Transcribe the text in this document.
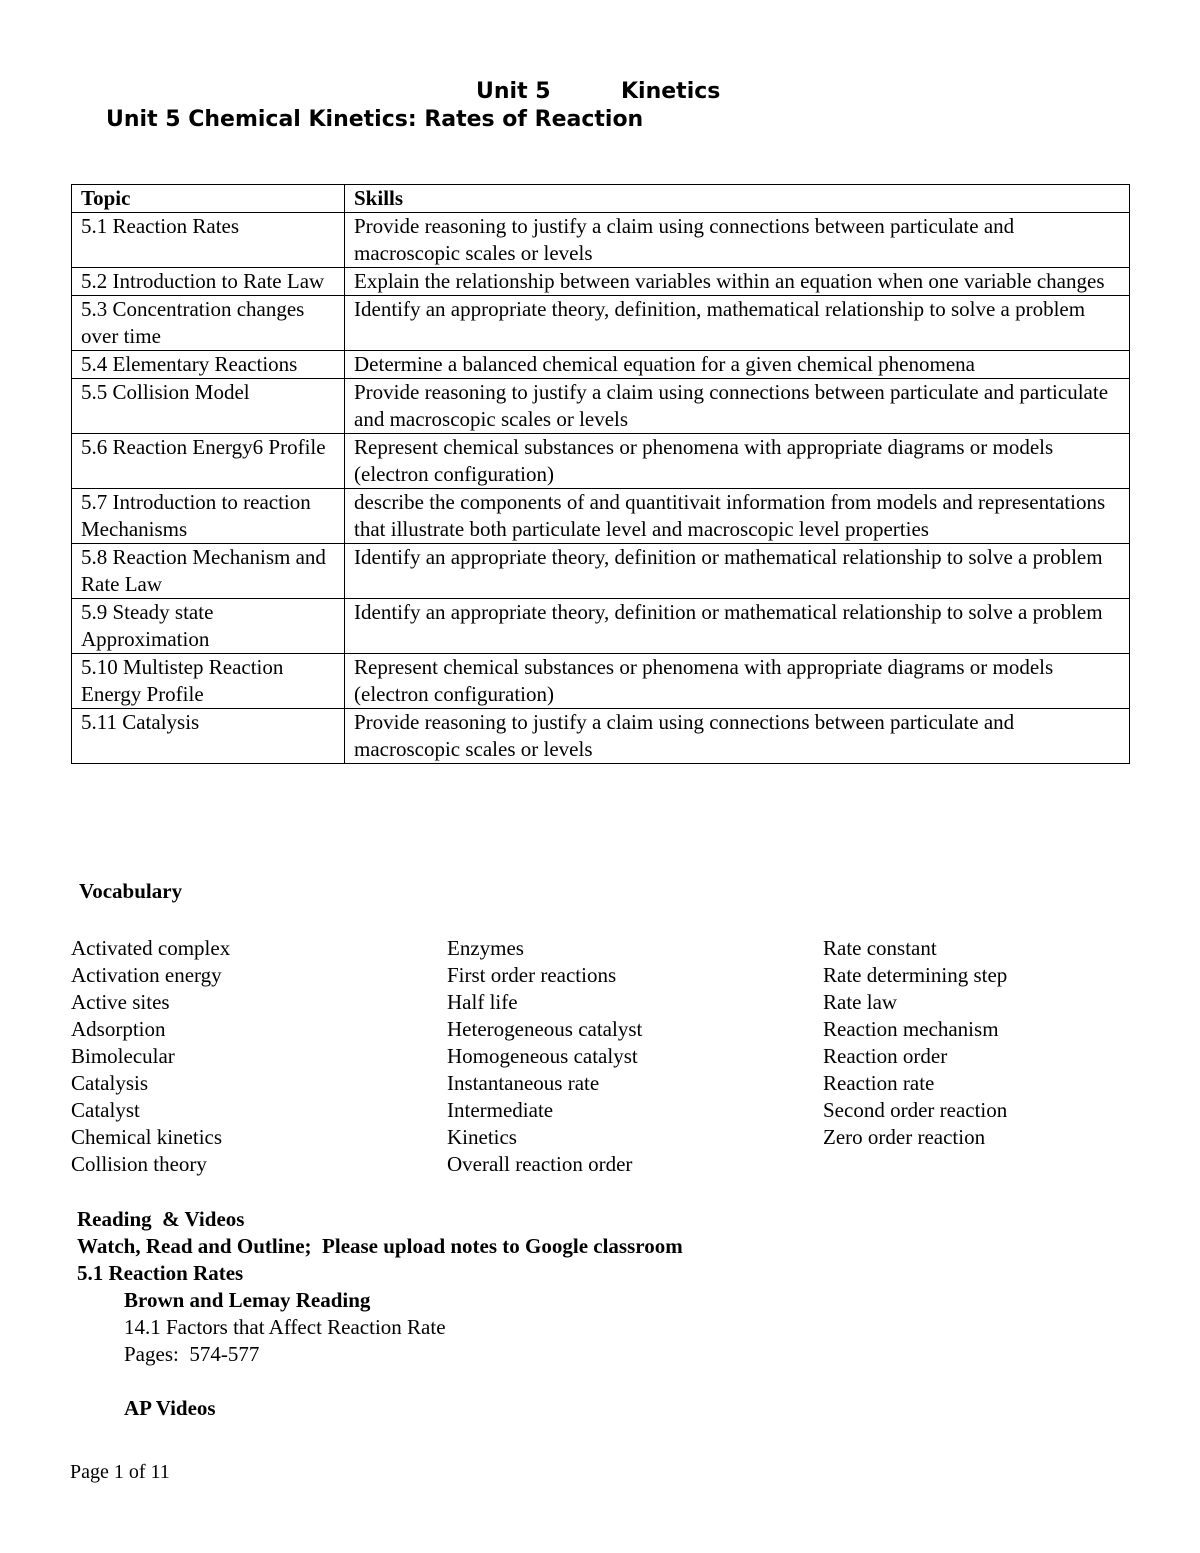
Unit 5	Kinetics
Unit 5 Chemical Kinetics: Rates of Reaction
Topic	Skills
5.1 Reaction Rates	Provide reasoning to justify a claim using connections between particulate and macroscopic scales or levels
5.2 Introduction to Rate Law	Explain the relationship between variables within an equation when one variable changes
5.3 Concentration changes over time	Identify an appropriate theory, definition, mathematical relationship to solve a problem
5.4 Elementary Reactions	Determine a balanced chemical equation for a given chemical phenomena
5.5 Collision Model	Provide reasoning to justify a claim using connections between particulate and particulate and macroscopic scales or levels
5.6 Reaction Energy6 Profile	Represent chemical substances or phenomena with appropriate diagrams or models (electron configuration)
5.7 Introduction to reaction Mechanisms	describe the components of and quantitivait information from models and representations that illustrate both particulate level and macroscopic level properties
5.8 Reaction Mechanism and Rate Law	Identify an appropriate theory, definition or mathematical relationship to solve a problem
5.9 Steady state Approximation	Identify an appropriate theory, definition or mathematical relationship to solve a problem
5.10 Multistep Reaction Energy Profile	Represent chemical substances or phenomena with appropriate diagrams or models (electron configuration)
5.11 Catalysis	Provide reasoning to justify a claim using connections between particulate and macroscopic scales or levels
Vocabulary
Activated complex
Activation energy
Active sites
Adsorption
Bimolecular
Catalysis
Catalyst
Chemical kinetics
Collision theory
Enzymes
First order reactions
Half life
Heterogeneous catalyst
Homogeneous catalyst
Instantaneous rate
Intermediate
Kinetics
Overall reaction order
Rate constant
Rate determining step
Rate law
Reaction mechanism
Reaction order
Reaction rate
Second order reaction
Zero order reaction
Reading  & Videos
Watch, Read and Outline;  Please upload notes to Google classroom
5.1 Reaction Rates
Brown and Lemay Reading
14.1 Factors that Affect Reaction Rate
Pages:  574-577
AP Videos
Page 1 of 11
